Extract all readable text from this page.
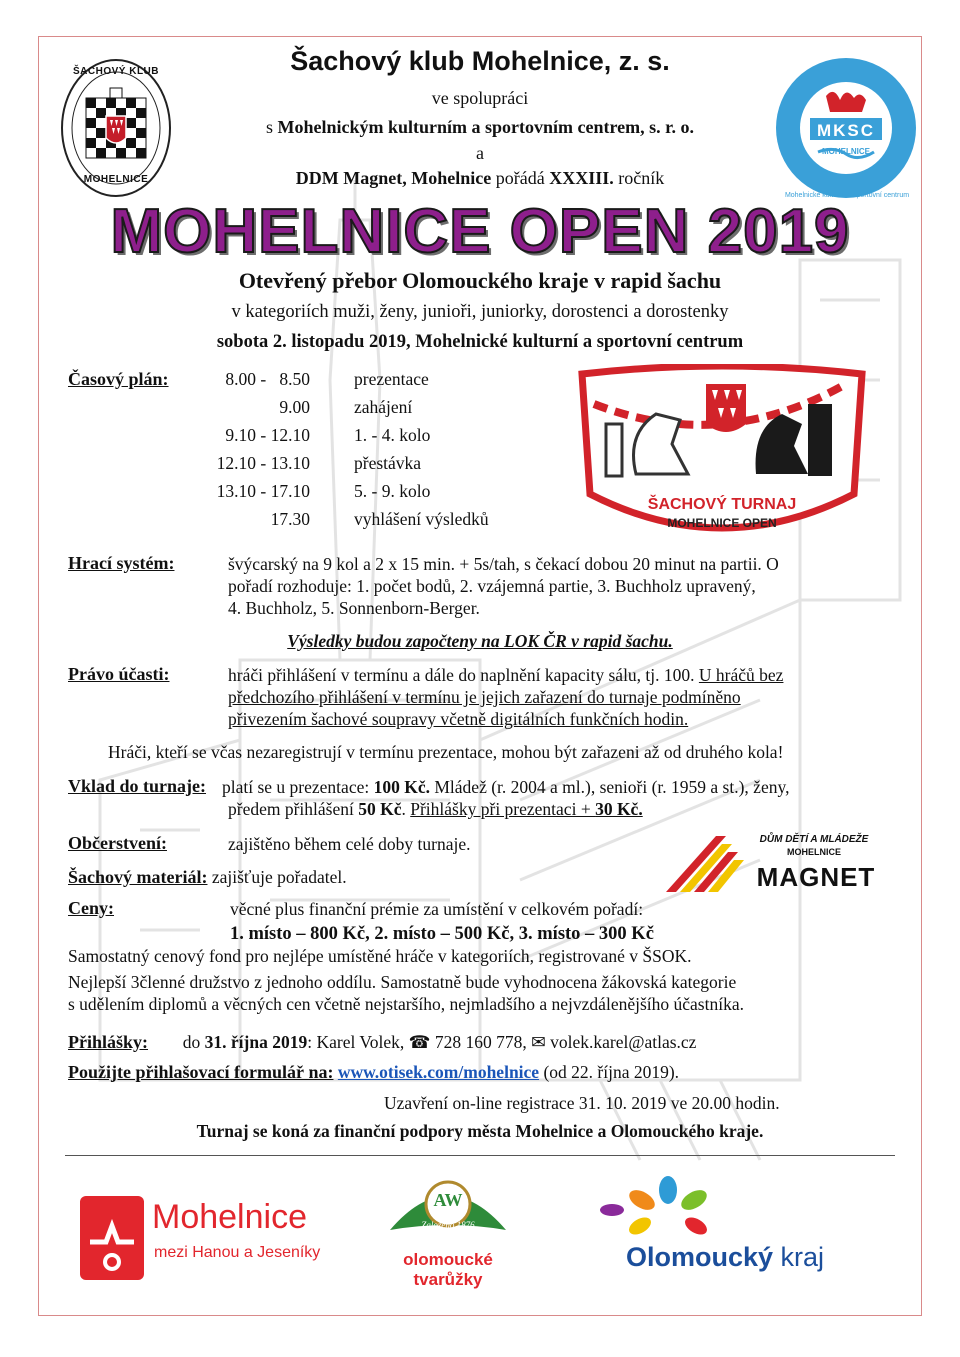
ŠACHOVÝ KLUB
MOHELNICE
MKSC
MOHELNICE
Mohelnické kulturní a sportovní centrum
Šachový klub Mohelnice, z. s.
ve spolupráci
s Mohelnickým kulturním a sportovním centrem, s. r. o.
a
DDM Magnet, Mohelnice pořádá XXXIII. ročník
MOHELNICE OPEN 2019
Otevřený přebor Olomouckého kraje v rapid šachu
v kategoriích muži, ženy, junioři, juniorky, dorostenci a dorostenky
sobota 2. listopadu 2019, Mohelnické kulturní a sportovní centrum
Časový plán:	8.00 -   8.50	prezentace
9.00	zahájení
9.10 - 12.10	1. - 4. kolo
12.10 - 13.10	přestávka
13.10 - 17.10	5. - 9. kolo
17.30	vyhlášení výsledků
ŠACHOVÝ TURNAJ
MOHELNICE OPEN
Hrací systém:	švýcarský na 9 kol a 2 x 15 min. + 5s/tah, s čekací dobou 20 minut na partii. O
pořadí rozhoduje: 1. počet bodů, 2. vzájemná partie, 3. Buchholz upravený,
4. Buchholz, 5. Sonnenborn-Berger.
Výsledky budou započteny na LOK ČR v rapid šachu.
Právo účasti:	hráči přihlášení v termínu a dále do naplnění kapacity sálu, tj. 100. U hráčů bez
předchozího přihlášení v termínu je jejich zařazení do turnaje podmíněno
přivezením šachové soupravy včetně digitálních funkčních hodin.
Hráči, kteří se včas nezaregistrují v termínu prezentace, mohou být zařazeni až od druhého kola!
Vklad do turnaje: platí se u prezentace: 100 Kč. Mládež (r. 2004 a ml.), senioři (r. 1959 a st.), ženy,
předem přihlášení 50 Kč. Přihlášky při prezentaci + 30 Kč.
Občerstvení:	zajištěno během celé doby turnaje.
Šachový materiál: zajišťuje pořadatel.
DŮM DĚTÍ A MLÁDEŽE
MOHELNICE
MAGNET
Ceny:	věcné plus finanční prémie za umístění v celkovém pořadí:
1. místo – 800 Kč, 2. místo – 500 Kč, 3. místo – 300 Kč
Samostatný cenový fond pro nejlépe umístěné hráče v kategoriích, registrované v ŠSOK.
Nejlepší 3členné družstvo z jednoho oddílu. Samostatně bude vyhodnocena žákovská kategorie
s udělením diplomů a věcných cen včetně nejstaršího, nejmladšího a nejvzdálenějšího účastníka.
Přihlášky: do 31. října 2019: Karel Volek, ☎ 728 160 778, ✉ volek.karel@atlas.cz
Použijte přihlašovací formulář na: www.otisek.com/mohelnice (od 22. října 2019).
Uzavření on-line registrace 31. 10. 2019 ve 20.00 hodin.
Turnaj se koná za finanční podpory města Mohelnice a Olomouckého kraje.
Mohelnice
mezi Hanou a Jeseníky
AW
Založeno 1876
olomoucké
tvarůžky
Olomoucký kraj
